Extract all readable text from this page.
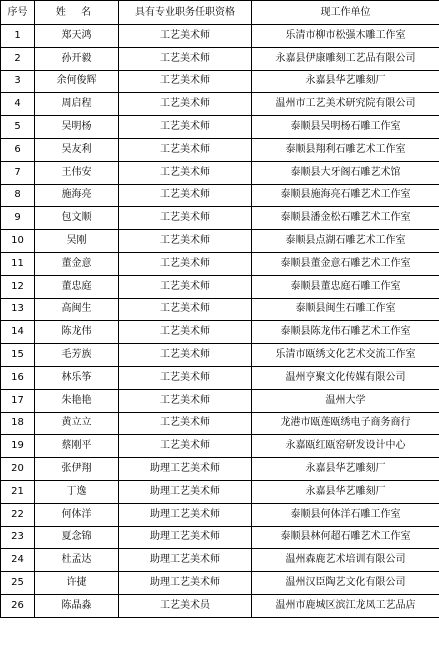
序号	姓 名	具有专业职务任职资格	现工作单位
1	郑天鸿	工艺美术师	乐清市柳市松强木雕工作室
2	孙开毅	工艺美术师	永嘉县伊康雕刻工艺品有限公司
3	余何俊辉	工艺美术师	永嘉县华艺雕刻厂
4	周启程	工艺美术师	温州市工艺美术研究院有限公司
5	吴明杨	工艺美术师	泰顺县吴明杨石雕工作室
6	吴友利	工艺美术师	泰顺县翔利石雕艺术工作室
7	王伟安	工艺美术师	泰顺县大牙阁石雕艺术馆
8	施海亮	工艺美术师	泰顺县施海亮石雕艺术工作室
9	包文顺	工艺美术师	泰顺县潘金松石雕艺术工作室
10	吴刚	工艺美术师	泰顺县点湖石雕艺术工作室
11	董金意	工艺美术师	泰顺县董金意石雕艺术工作室
12	董忠庭	工艺美术师	泰顺县董忠庭石雕工作室
13	高闽生	工艺美术师	泰顺县闽生石雕工作室
14	陈龙伟	工艺美术师	泰顺县陈龙伟石雕艺术工作室
15	毛芳族	工艺美术师	乐清市瓯绣文化艺术交流工作室
16	林乐筝	工艺美术师	温州亨聚文化传媒有限公司
17	朱艳艳	工艺美术师	温州大学
18	黄立立	工艺美术师	龙港市瓯莲瓯绣电子商务商行
19	蔡刚平	工艺美术师	永嘉瓯红瓯窑研发设计中心
20	张伊翔	助理工艺美术师	永嘉县华艺雕刻厂
21	丁逸	助理工艺美术师	永嘉县华艺雕刻厂
22	何体洋	助理工艺美术师	泰顺县何体洋石雕工作室
23	夏念锦	助理工艺美术师	泰顺县林何超石雕艺术工作室
24	杜孟达	助理工艺美术师	温州森鹿艺术培训有限公司
25	许捷	助理工艺美术师	温州汉臣陶艺文化有限公司
26	陈晶淼	工艺美术员	温州市鹿城区滨江龙凤工艺品店
